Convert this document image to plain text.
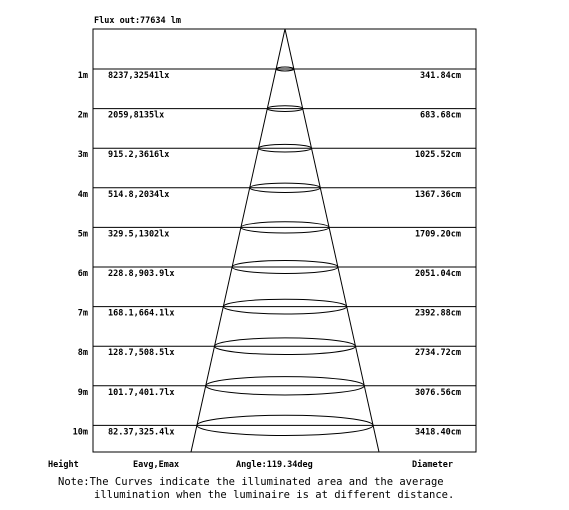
Flux out:77634 lm
1m 8237,32541lx	341.84cm
2m 2059,8135lx	683.68cm
3m 915.2,3616lx	1025.52cm
4m 514.8,2034lx	1367.36cm
5m 329.5,1302lx	1709.20cm
6m 228.8,903.9lx	2051.04cm
7m 168.1,664.1lx	2392.88cm
8m 128.7,508.5lx	2734.72cm
9m 101.7,401.7lx	3076.56cm
10m 82.37,325.4lx	3418.40cm
Height	Eavg,Emax	Angle:119.34deg	Diameter
Note:The Curves indicate the illuminated area and the average
illumination when the luminaire is at different distance.
